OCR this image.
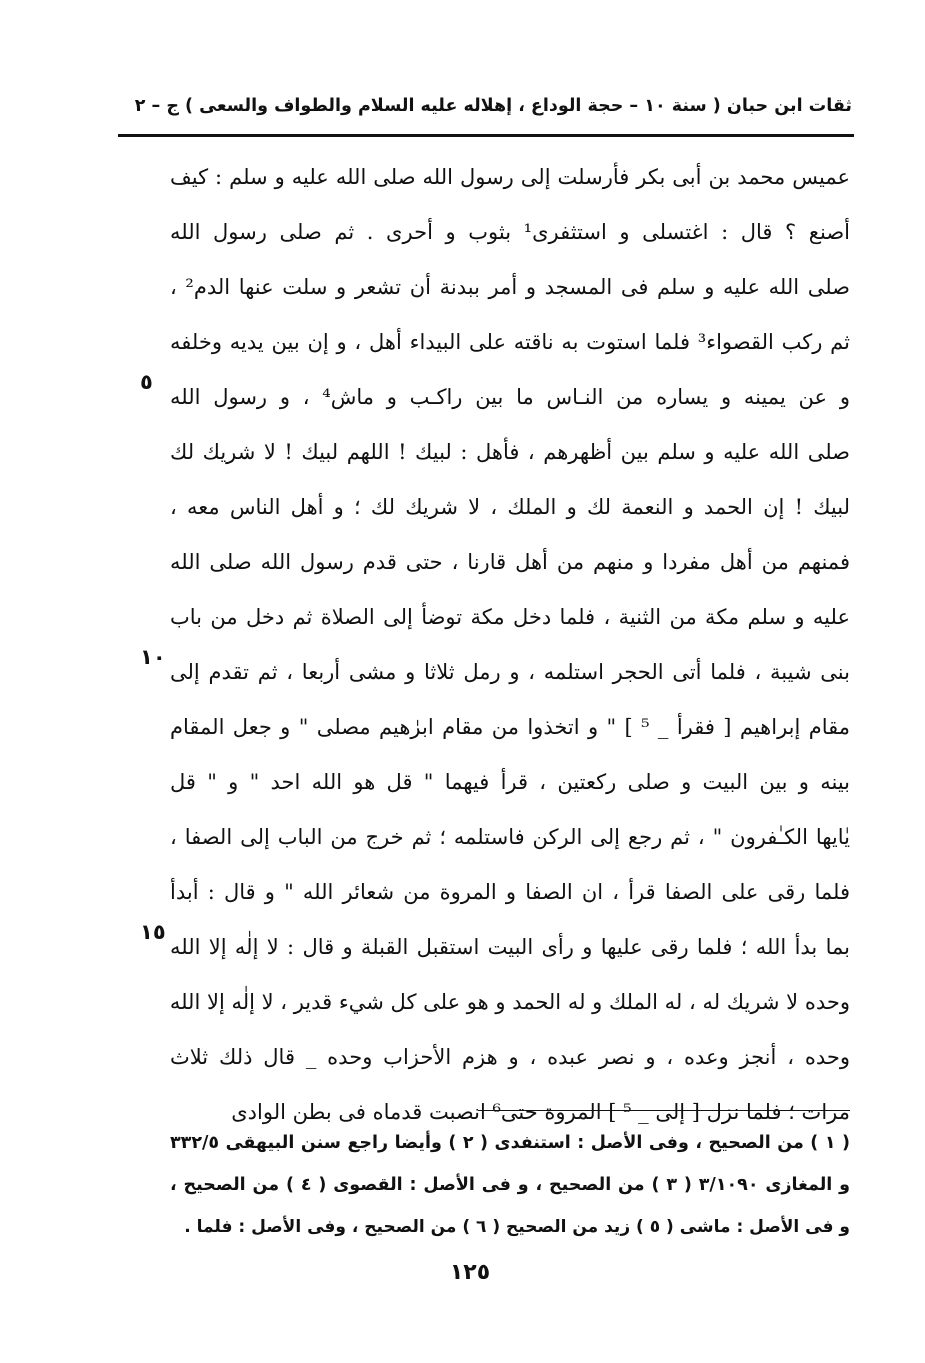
ثقات ابن حبان ( سنة ١٠ – حجة الوداع ، إهلاله عليه السلام والطواف والسعى ) ج – ٢
عميس محمد بن أبى بكر فأرسلت إلى رسول الله صلى الله عليه و سلم : كيف
أصنع ؟ قال : اغتسلى و استثفرى¹ بثوب و أحرى . ثم صلى رسول الله
صلى الله عليه و سلم فى المسجد و أمر ببدنة أن تشعر و سلت عنها الدم² ،
ثم ركب القصواء³ فلما استوت به ناقته على البيداء أهل ، و إن بين يديه وخلفه
و عن يمينه و يساره من النـاس ما بين راكـب و ماش⁴ ، و رسول الله
صلى الله عليه و سلم بين أظهرهم ، فأهل : لبيك ! اللهم لبيك ! لا شريك لك
لبيك ! إن الحمد و النعمة لك و الملك ، لا شريك لك ؛ و أهل الناس معه ،
فمنهم من أهل مفردا و منهم من أهل قارنا ، حتى قدم رسول الله صلى الله
عليه و سلم مكة من الثنية ، فلما دخل مكة توضأ إلى الصلاة ثم دخل من باب
بنى شيبة ، فلما أتى الحجر استلمه ، و رمل ثلاثا و مشى أربعا ، ثم تقدم إلى
مقام إبراهيم [ فقرأ _ ⁵ ] " و اتخذوا من مقام ابرٰهيم مصلى " و جعل المقام
بينه و بين البيت و صلى ركعتين ، قرأ فيهما " قل هو الله احد " و " قل
يٰايها الكـٰفرون " ، ثم رجع إلى الركن فاستلمه ؛ ثم خرج من الباب إلى الصفا ،
فلما رقى على الصفا قرأ ، ان الصفا و المروة من شعائر الله " و قال : أبدأ
بما بدأ الله ؛ فلما رقى عليها و رأى البيت استقبل القبلة و قال : لا إلٰه إلا الله
وحده لا شريك له ، له الملك و له الحمد و هو على كل شيء قدير ، لا إلٰه إلا الله
وحده ، أنجز وعده ، و نصر عبده ، و هزم الأحزاب وحده _ قال ذلك ثلاث
مرات ؛ فلما نزل [ إلى _ ⁵ ] المروة حتى⁶ انصبت قدماه فى بطن الوادى
٥
١٠
١٥
( ١ ) من الصحيح ، وفى الأصل : استنفدى ( ٢ ) وأيضا راجع سنن البيهقى ٣٣٢/٥
و المغازى ٣/١٠٩٠ ( ٣ ) من الصحيح ، و فى الأصل : القصوى ( ٤ ) من الصحيح ،
و فى الأصل : ماشى ( ٥ ) زيد من الصحيح ( ٦ ) من الصحيح ، وفى الأصل : فلما .
١٢٥
